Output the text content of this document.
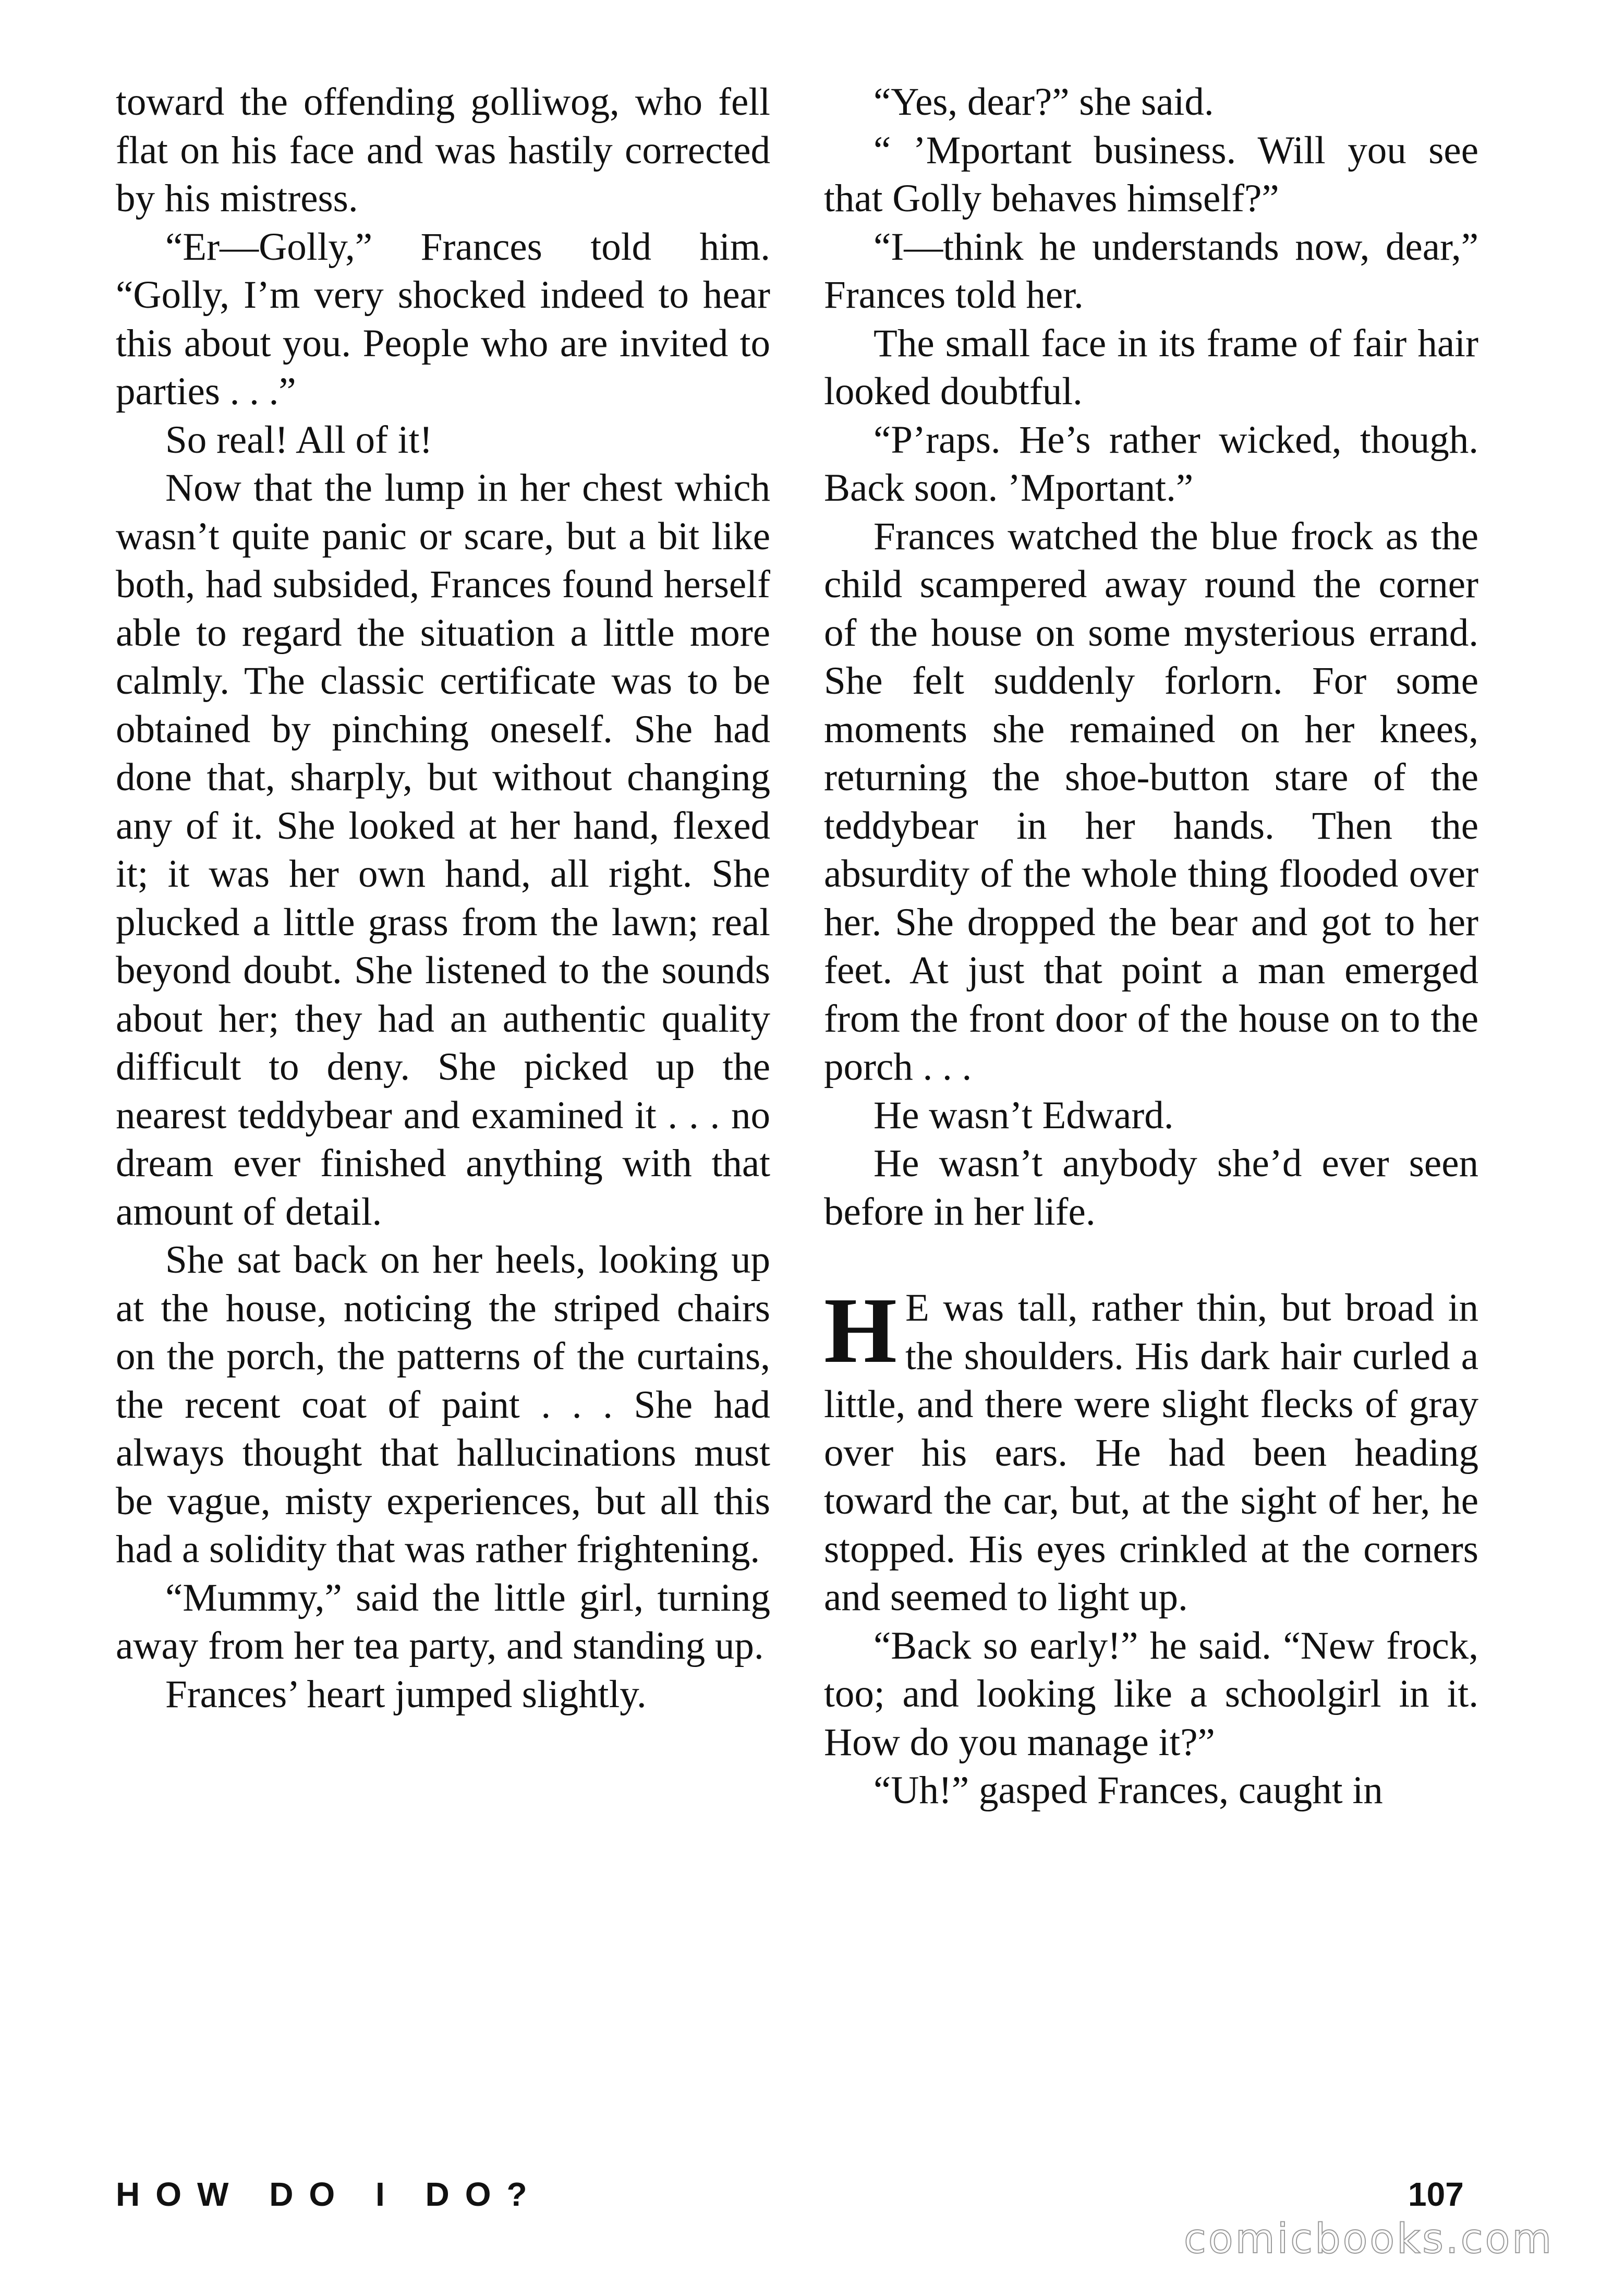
toward the offending golliwog, who fell flat on his face and was hastily corrected by his mistress.

“Er—Golly,” Frances told him. “Golly, I’m very shocked indeed to hear this about you. People who are invited to parties . . .”

So real! All of it!

Now that the lump in her chest which wasn’t quite panic or scare, but a bit like both, had subsided, Frances found herself able to regard the situation a little more calmly. The classic certificate was to be obtained by pinching oneself. She had done that, sharply, but without changing any of it. She looked at her hand, flexed it; it was her own hand, all right. She plucked a little grass from the lawn; real beyond doubt. She listened to the sounds about her; they had an authentic quality difficult to deny. She picked up the nearest teddybear and examined it . . . no dream ever finished anything with that amount of detail.

She sat back on her heels, looking up at the house, noticing the striped chairs on the porch, the patterns of the curtains, the recent coat of paint . . . She had always thought that hallucinations must be vague, misty experiences, but all this had a solidity that was rather frightening.

“Mummy,” said the little girl, turning away from her tea party, and standing up.

Frances’ heart jumped slightly.

“Yes, dear?” she said.

“ ’Mportant business. Will you see that Golly behaves himself?”

“I—think he understands now, dear,” Frances told her.

The small face in its frame of fair hair looked doubtful.

“P’raps. He’s rather wicked, though. Back soon. ’Mportant.”

Frances watched the blue frock as the child scampered away round the corner of the house on some mysterious errand. She felt suddenly forlorn. For some moments she remained on her knees, returning the shoe-button stare of the teddybear in her hands. Then the absurdity of the whole thing flooded over her. She dropped the bear and got to her feet. At just that point a man emerged from the front door of the house on to the porch . . .

He wasn’t Edward.

He wasn’t anybody she’d ever seen before in her life.

H E was tall, rather thin, but broad in the shoulders. His dark hair curled a little, and there were slight flecks of gray over his ears. He had been heading toward the car, but, at the sight of her, he stopped. His eyes crinkled at the corners and seemed to light up.

“Back so early!” he said. “New frock, too; and looking like a schoolgirl in it. How do you manage it?”

“Uh!” gasped Frances, caught in

HOW DO I DO?	107
comicbooks.com
